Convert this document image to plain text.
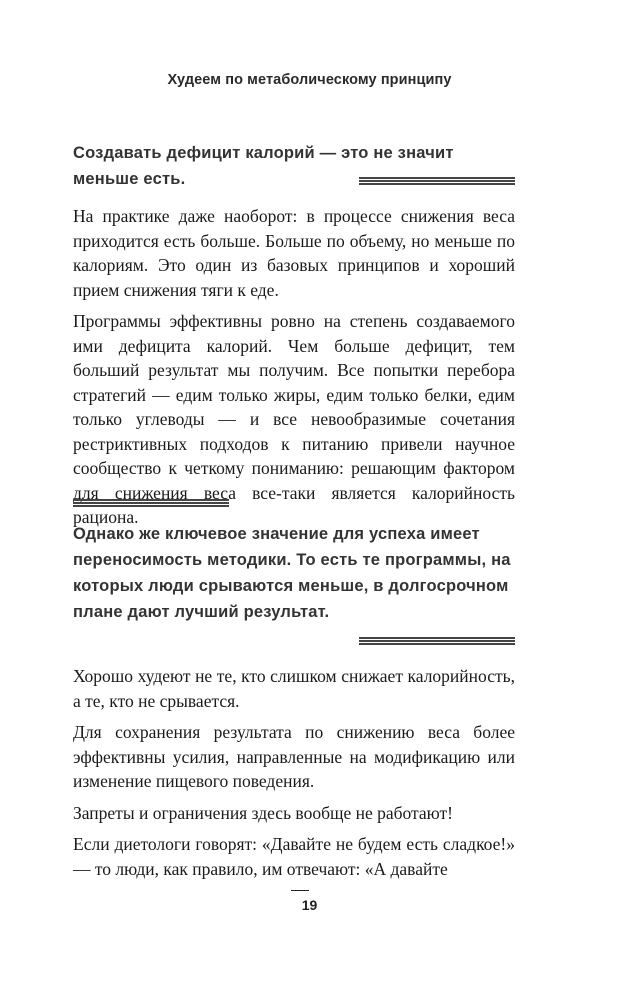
Худеем по метаболическому принципу
Создавать дефицит калорий — это не значит меньше есть.

На практике даже наоборот: в процессе снижения веса приходится есть больше. Больше по объему, но меньше по калориям. Это один из базовых принципов и хороший прием снижения тяги к еде.

Программы эффективны ровно на степень создаваемого ими дефицита калорий. Чем больше дефицит, тем больший результат мы получим. Все попытки перебора стратегий — едим только жиры, едим только белки, едим только углеводы — и все невообразимые сочетания рестриктивных подходов к питанию привели научное сообщество к четкому пониманию: решающим фактором для снижения веса все-таки является калорийность рациона.

Однако же ключевое значение для успеха имеет переносимость методики. То есть те программы, на которых люди срываются меньше, в долгосрочном плане дают лучший результат.

Хорошо худеют не те, кто слишком снижает калорийность, а те, кто не срывается.

Для сохранения результата по снижению веса более эффективны усилия, направленные на модификацию или изменение пищевого поведения.

Запреты и ограничения здесь вообще не работают!

Если диетологи говорят: «Давайте не будем есть сладкое!» — то люди, как правило, им отвечают: «А давайте

19
